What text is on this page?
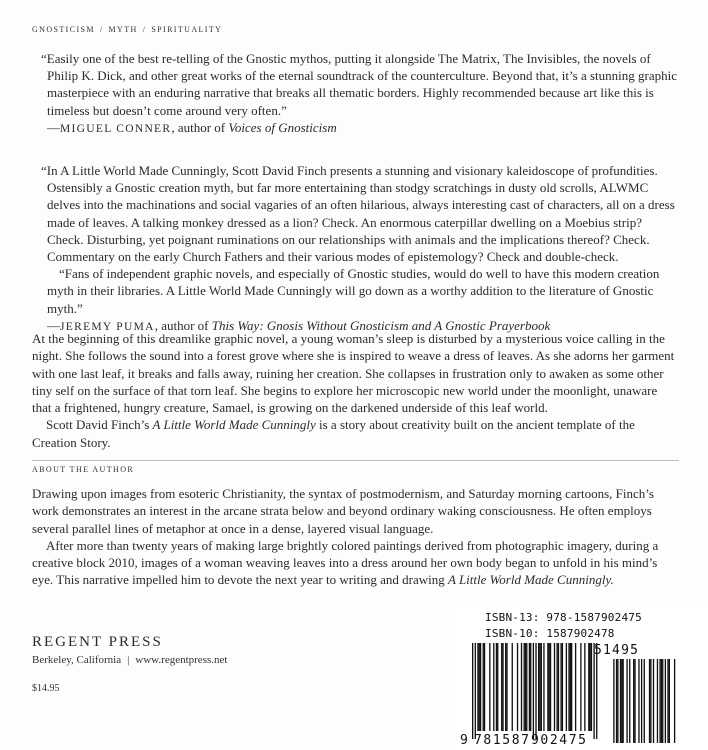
GNOSTICISM / MYTH / SPIRITUALITY

“Easily one of the best re-telling of the Gnostic mythos, putting it alongside The Matrix, The Invisibles, the novels of Philip K. Dick, and other great works of the eternal soundtrack of the counterculture. Beyond that, it’s a stunning graphic masterpiece with an enduring narrative that breaks all thematic borders. Highly recommended because art like this is timeless but doesn’t come around very often.”

—MIGUEL CONNER, author of Voices of Gnosticism

“In A Little World Made Cunningly, Scott David Finch presents a stunning and visionary kaleidoscope of profundities. Ostensibly a Gnostic creation myth, but far more entertaining than stodgy scratchings in dusty old scrolls, ALWMC delves into the machinations and social vagaries of an often hilarious, always interesting cast of characters, all on a dress made of leaves. A talking monkey dressed as a lion? Check. An enormous caterpillar dwelling on a Moebius strip? Check. Disturbing, yet poignant ruminations on our relationships with animals and the implications thereof? Check. Commentary on the early Church Fathers and their various modes of epistemology? Check and double-check.

“Fans of independent graphic novels, and especially of Gnostic studies, would do well to have this modern creation myth in their libraries. A Little World Made Cunningly will go down as a worthy addition to the literature of Gnostic myth.”

—JEREMY PUMA, author of This Way: Gnosis Without Gnosticism and A Gnostic Prayerbook

At the beginning of this dreamlike graphic novel, a young woman’s sleep is disturbed by a mysterious voice calling in the night. She follows the sound into a forest grove where she is inspired to weave a dress of leaves. As she adorns her garment with one last leaf, it breaks and falls away, ruining her creation. She collapses in frustration only to awaken as some other tiny self on the surface of that torn leaf. She begins to explore her microscopic new world under the moonlight, unaware that a frightened, hungry creature, Samael, is growing on the darkened underside of this leaf world.

Scott David Finch’s A Little World Made Cunningly is a story about creativity built on the ancient template of the Creation Story.

ABOUT THE AUTHOR

Drawing upon images from esoteric Christianity, the syntax of postmodernism, and Saturday morning cartoons, Finch’s work demonstrates an interest in the arcane strata below and beyond ordinary waking consciousness. He often employs several parallel lines of metaphor at once in a dense, layered visual language.

After more than twenty years of making large brightly colored paintings derived from photographic imagery, during a creative block 2010, images of a woman weaving leaves into a dress around her own body began to unfold in his mind’s eye. This narrative impelled him to devote the next year to writing and drawing A Little World Made Cunningly.

REGENT PRESS
Berkeley, California | www.regentpress.net
$14.95
ISBN-13: 978-1587902475
ISBN-10: 1587902478
51495
9 781587 902475
